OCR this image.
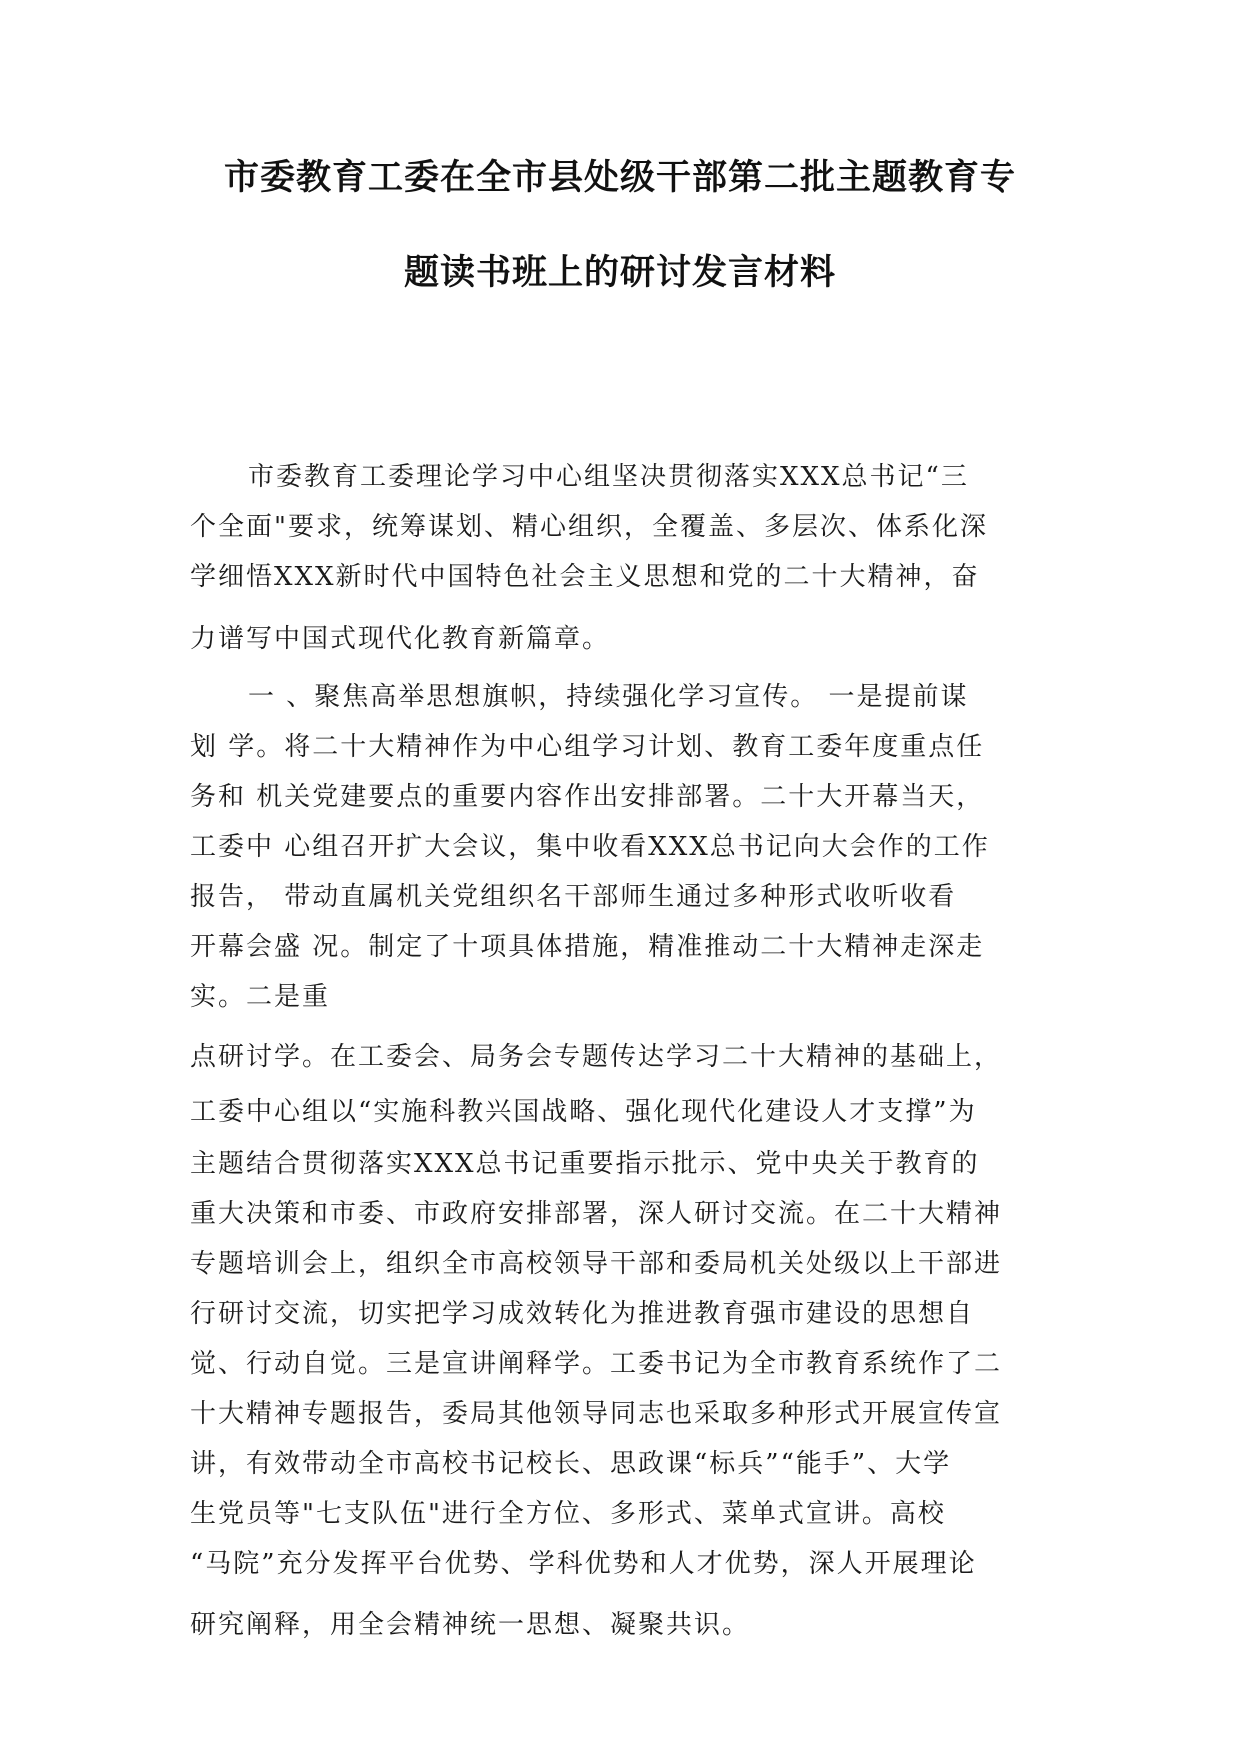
市委教育工委在全市县处级干部第二批主题教育专
题读书班上的研讨发言材料
市委教育工委理论学习中心组坚决贯彻落实XXX总书记“三
个全面"要求，统筹谋划、精心组织，全覆盖、多层次、体系化深
学细悟XXX新时代中国特色社会主义思想和党的二十大精神，奋
力谱写中国式现代化教育新篇章。
一 、聚焦高举思想旗帜，持续强化学习宣传。 一是提前谋
划 学。将二十大精神作为中心组学习计划、教育工委年度重点任
务和 机关党建要点的重要内容作出安排部署。二十大开幕当天，
工委中 心组召开扩大会议，集中收看XXX总书记向大会作的工作
报告， 带动直属机关党组织名干部师生通过多种形式收听收看
开幕会盛 况。制定了十项具体措施，精准推动二十大精神走深走
实。二是重
点研讨学。在工委会、局务会专题传达学习二十大精神的基础上，
工委中心组以“实施科教兴国战略、强化现代化建设人才支撑”为
主题结合贯彻落实XXX总书记重要指示批示、党中央关于教育的
重大决策和市委、市政府安排部署，深人研讨交流。在二十大精神
专题培训会上，组织全市高校领导干部和委局机关处级以上干部进
行研讨交流，切实把学习成效转化为推进教育强市建设的思想自
觉、行动自觉。三是宣讲阐释学。工委书记为全市教育系统作了二
十大精神专题报告，委局其他领导同志也采取多种形式开展宣传宣
讲，有效带动全市高校书记校长、思政课“标兵”“能手”、大学
生党员等"七支队伍"进行全方位、多形式、菜单式宣讲。高校
“马院”充分发挥平台优势、学科优势和人才优势，深人开展理论
研究阐释，用全会精神统一思想、凝聚共识。
